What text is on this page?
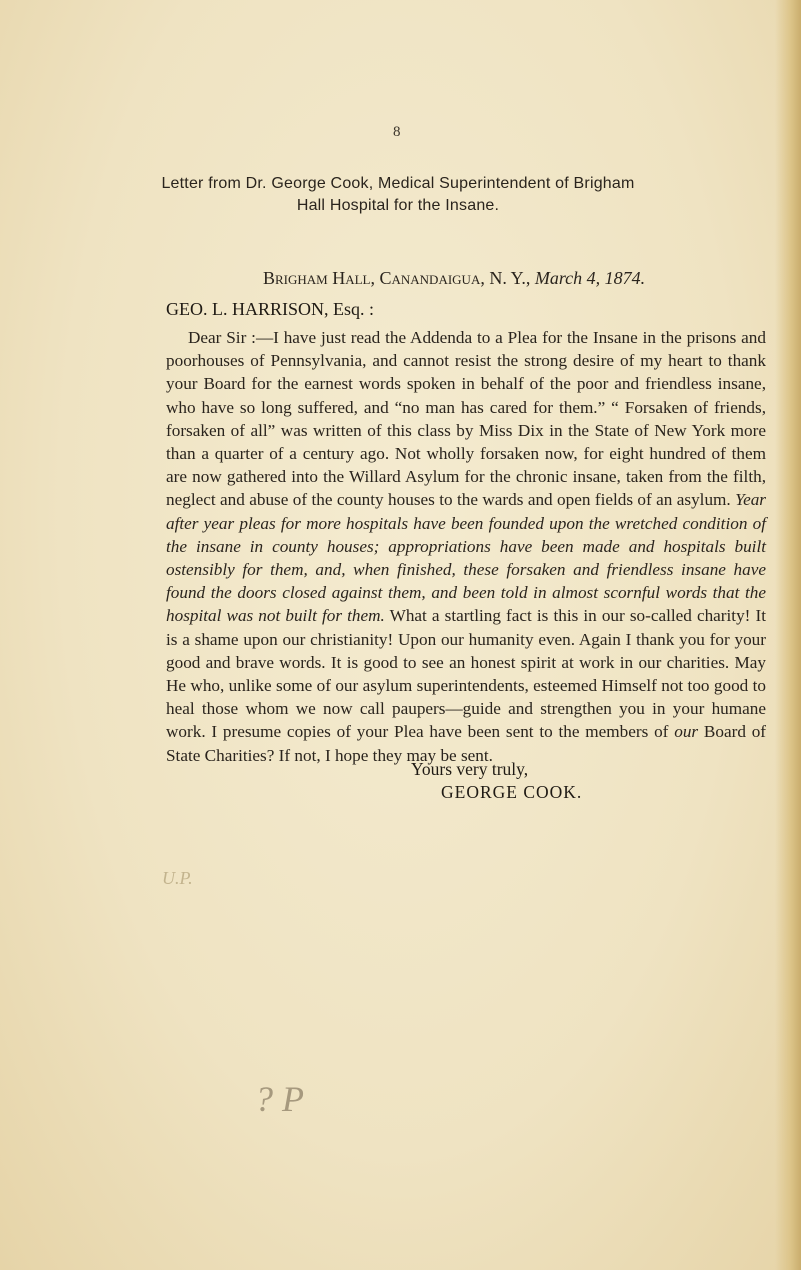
8
Letter from Dr. George Cook, Medical Superintendent of Brigham Hall Hospital for the Insane.
Brigham Hall, Canandaigua, N. Y., March 4, 1874.
GEO. L. HARRISON, Esq. :

Dear Sir :—I have just read the Addenda to a Plea for the Insane in the prisons and poorhouses of Pennsylvania, and cannot resist the strong desire of my heart to thank your Board for the earnest words spoken in behalf of the poor and friendless insane, who have so long suffered, and “no man has cared for them.” “ Forsaken of friends, forsaken of all” was written of this class by Miss Dix in the State of New York more than a quarter of a century ago. Not wholly forsaken now, for eight hundred of them are now gathered into the Willard Asylum for the chronic insane, taken from the filth, neglect and abuse of the county houses to the wards and open fields of an asylum. Year after year pleas for more hospitals have been founded upon the wretched condition of the insane in county houses; appropriations have been made and hospitals built ostensibly for them, and, when finished, these forsaken and friendless insane have found the doors closed against them, and been told in almost scornful words that the hospital was not built for them. What a startling fact is this in our so-called charity! It is a shame upon our christianity! Upon our humanity even. Again I thank you for your good and brave words. It is good to see an honest spirit at work in our charities. May He who, unlike some of our asylum superintendents, esteemed Himself not too good to heal those whom we now call paupers—guide and strengthen you in your humane work. I presume copies of your Plea have been sent to the members of our Board of State Charities? If not, I hope they may be sent.

Yours very truly,
GEORGE COOK.
U.P.
? P
